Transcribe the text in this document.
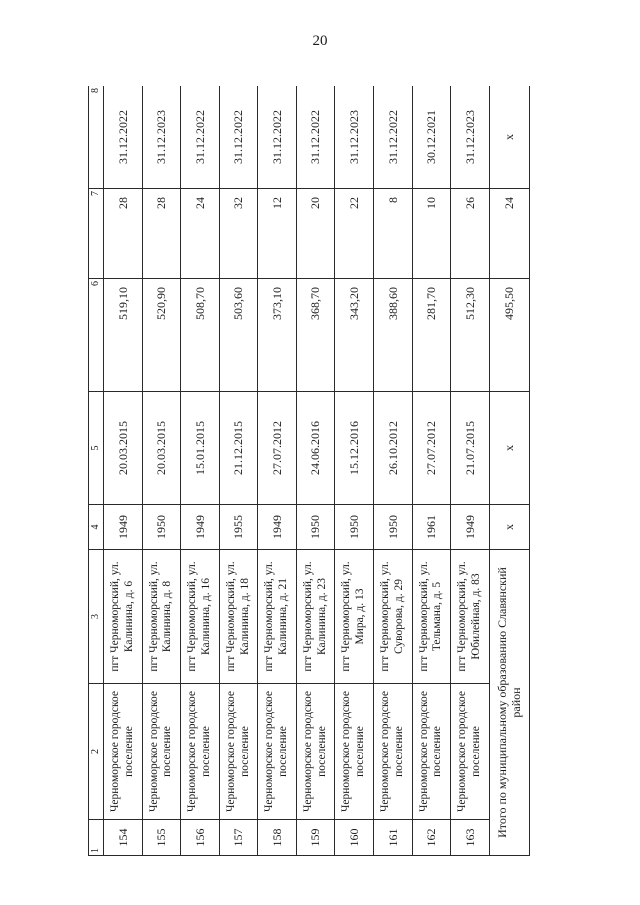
20
1	2	3	4	5	6	7	8
154	Черноморское городское поселение	пгт Черноморский, ул. Калинина, д. 6	1949	20.03.2015	519,10	28	31.12.2022
155	Черноморское городское поселение	пгт Черноморский, ул. Калинина, д. 8	1950	20.03.2015	520,90	28	31.12.2023
156	Черноморское городское поселение	пгт Черноморский, ул. Калинина, д. 16	1949	15.01.2015	508,70	24	31.12.2022
157	Черноморское городское поселение	пгт Черноморский, ул. Калинина, д. 18	1955	21.12.2015	503,60	32	31.12.2022
158	Черноморское городское поселение	пгт Черноморский, ул. Калинина, д. 21	1949	27.07.2012	373,10	12	31.12.2022
159	Черноморское городское поселение	пгт Черноморский, ул. Калинина, д. 23	1950	24.06.2016	368,70	20	31.12.2022
160	Черноморское городское поселение	пгт Черноморский, ул. Мира, д. 13	1950	15.12.2016	343,20	22	31.12.2023
161	Черноморское городское поселение	пгт Черноморский, ул. Суворова, д. 29	1950	26.10.2012	388,60	8	31.12.2022
162	Черноморское городское поселение	пгт Черноморский, ул. Тельмана, д. 5	1961	27.07.2012	281,70	10	30.12.2021
163	Черноморское городское поселение	пгт Черноморский, ул. Юбилейная, д. 83	1949	21.07.2015	512,30	26	31.12.2023
Итого по муниципальному образованию Славянский район			x	x	495,50	24	x
